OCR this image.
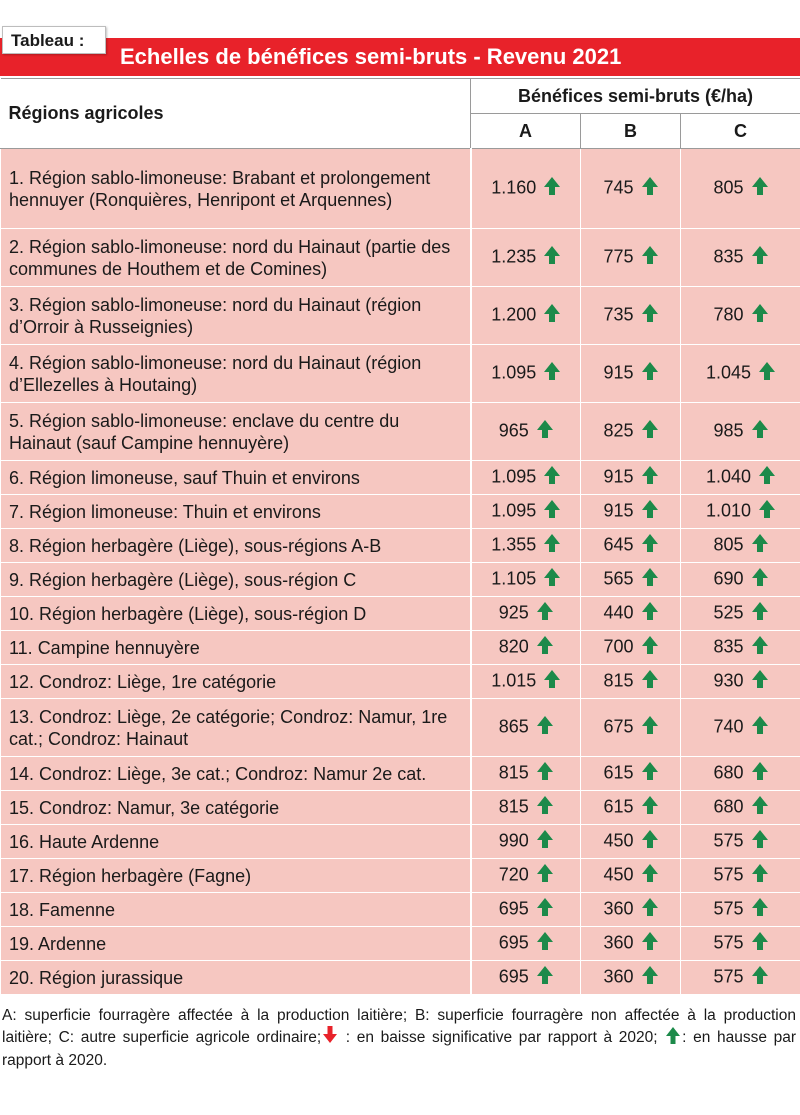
Tableau :
Echelles de bénéfices semi-bruts - Revenu 2021
Régions agricoles	Bénéfices semi-bruts (€/ha)		
	A	B	C
1. Région sablo-limoneuse: Brabant et prolongement hennuyer (Ronquières, Henripont et Arquennes)	1.160	745	805
2. Région sablo-limoneuse: nord du Hainaut (partie des communes de Houthem et de Comines)	1.235	775	835
3. Région sablo-limoneuse: nord du Hainaut (région d’Orroir à Russeignies)	1.200	735	780
4. Région sablo-limoneuse: nord du Hainaut (région d’Ellezelles à Houtaing)	1.095	915	1.045
5. Région sablo-limoneuse: enclave du centre du Hainaut (sauf Campine hennuyère)	965	825	985
6. Région limoneuse, sauf Thuin et environs	1.095	915	1.040
7. Région limoneuse: Thuin et environs	1.095	915	1.010
8. Région herbagère (Liège), sous-régions A-B	1.355	645	805
9. Région herbagère (Liège), sous-région C	1.105	565	690
10. Région herbagère (Liège), sous-région D	925	440	525
11. Campine hennuyère	820	700	835
12. Condroz: Liège, 1re catégorie	1.015	815	930
13. Condroz: Liège, 2e catégorie; Condroz: Namur, 1re cat.; Condroz: Hainaut	865	675	740
14. Condroz: Liège, 3e cat.; Condroz: Namur 2e cat.	815	615	680
15. Condroz: Namur, 3e catégorie	815	615	680
16. Haute Ardenne	990	450	575
17. Région herbagère (Fagne)	720	450	575
18. Famenne	695	360	575
19. Ardenne	695	360	575
20. Région jurassique	695	360	575
A: superficie fourragère affectée à la production laitière; B: superficie fourragère non affectée à la production laitière; C: autre superficie agricole ordinaire; : en baisse significative par rapport à 2020; : en hausse par rapport à 2020.
